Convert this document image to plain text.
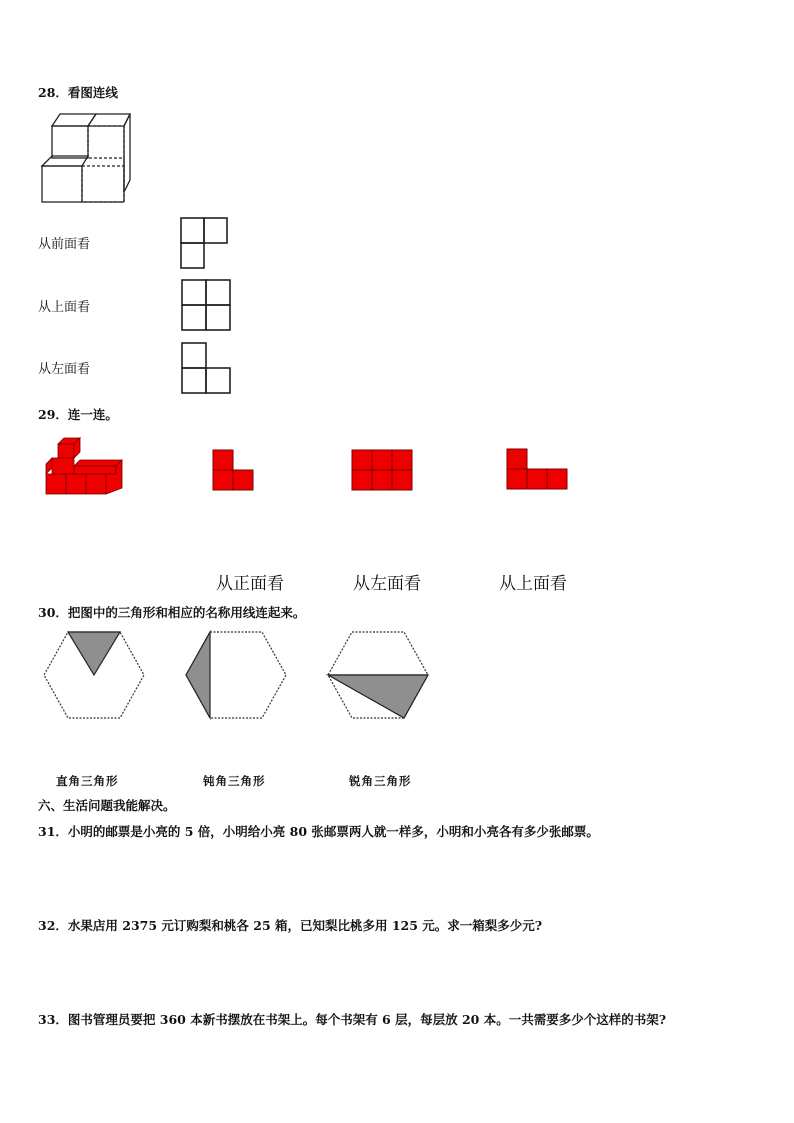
28．看图连线
从前面看
从上面看
从左面看
29．连一连。
从正面看	从左面看	从上面看
30．把图中的三角形和相应的名称用线连起来。
直角三角形	钝角三角形	锐角三角形
六、生活问题我能解决。
31．小明的邮票是小亮的 5 倍，小明给小亮 80 张邮票两人就一样多，小明和小亮各有多少张邮票。
32．水果店用 2375 元订购梨和桃各 25 箱，已知梨比桃多用 125 元。求一箱梨多少元?
33．图书管理员要把 360 本新书摆放在书架上。每个书架有 6 层，每层放 20 本。一共需要多少个这样的书架?
